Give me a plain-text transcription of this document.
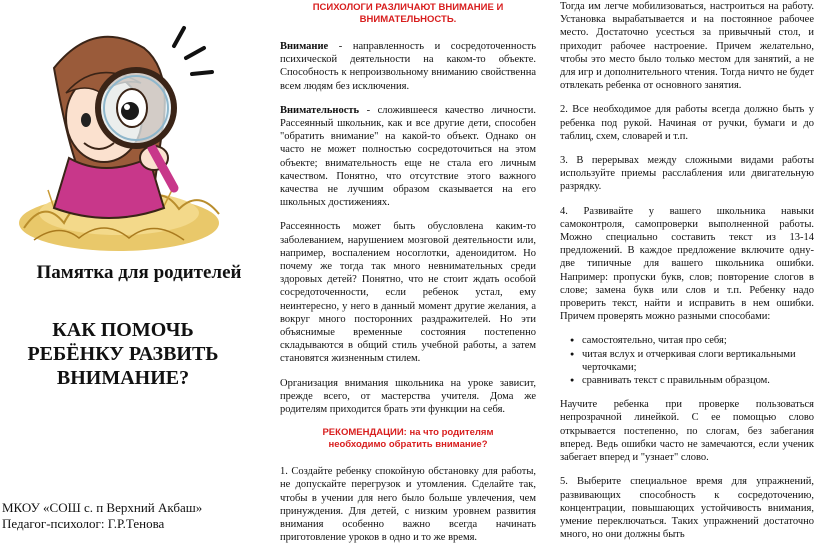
Памятка для родителей
КАК ПОМОЧЬ
РЕБЁНКУ РАЗВИТЬ
ВНИМАНИЕ?
МКОУ «СОШ с. п Верхний Акбаш»
Педагог-психолог: Г.Р.Тенова
ПСИХОЛОГИ РАЗЛИЧАЮТ ВНИМАНИЕ И
ВНИМАТЕЛЬНОСТЬ.

Внимание - направленность и сосредоточенность психической деятельности на каком-то объекте. Способность к непроизвольному вниманию свойственна всем людям без исключения.

Внимательность - сложившееся качество личности. Рассеянный школьник, как и все другие дети, способен "обратить внимание" на какой-то объект. Однако он часто не может полностью сосредоточиться на этом объекте; внимательность еще не стала его личным качеством. Понятно, что отсутствие этого важного качества не лучшим образом сказывается на его школьных достижениях.

Рассеянность может быть обусловлена каким-то заболеванием, нарушением мозговой деятельности или, например, воспалением носоглотки, аденоидитом. Но почему же тогда так много невнимательных среди здоровых детей? Понятно, что не стоит ждать особой сосредоточенности, если ребенок устал, ему неинтересно, у него в данный момент другие желания, а вокруг много посторонних раздражителей. Но эти объяснимые временные состояния постепенно складываются в общий стиль учебной работы, а затем становятся жизненным стилем.

Организация внимания школьника на уроке зависит, прежде всего, от мастерства учителя. Дома же родителям приходится брать эти функции на себя.

РЕКОМЕНДАЦИИ: на что родителям
необходимо обратить внимание?

1. Создайте ребенку спокойную обстановку для работы, не допускайте перегрузок и утомления. Сделайте так, чтобы в учении для него было больше увлечения, чем принуждения. Для детей, с низким уровнем развития внимания особенно важно всегда начинать приготовление уроков в одно и то же время.

Тогда им легче мобилизоваться, настроиться на работу. Установка вырабатывается и на постоянное рабочее место. Достаточно усесться за привычный стол, и приходит рабочее настроение. Причем желательно, чтобы это место было только местом для занятий, а не для игр и дополнительного чтения. Тогда ничто не будет отвлекать ребенка от основного занятия.

2. Все необходимое для работы всегда должно быть у ребенка под рукой. Начиная от ручки, бумаги и до таблиц, схем, словарей и т.п.

3. В перерывах между сложными видами работы используйте приемы расслабления или двигательную разрядку.

4. Развивайте у вашего школьника навыки самоконтроля, самопроверки выполненной работы. Можно специально составить текст из 13-14 предложений. В каждое предложение включите одну-две типичные для вашего школьника ошибки. Например: пропуски букв, слов; повторение слогов в слове; замена букв или слов и т.п. Ребенку надо проверить текст, найти и исправить в нем ошибки. Причем проверять можно разными способами:

● самостоятельно, читая про себя;
● читая вслух и отчеркивая слоги вертикальными черточками;
● сравнивать текст с правильным образцом.

Научите ребенка при проверке пользоваться непрозрачной линейкой. С ее помощью слово открывается постепенно, по слогам, без забегания вперед. Ведь ошибки часто не замечаются, если ученик забегает вперед и "узнает" слово.

5. Выберите специальное время для упражнений, развивающих способность к сосредоточению, концентрации, повышающих устойчивость внимания, умение переключаться. Таких упражнений достаточно много, но они должны быть
